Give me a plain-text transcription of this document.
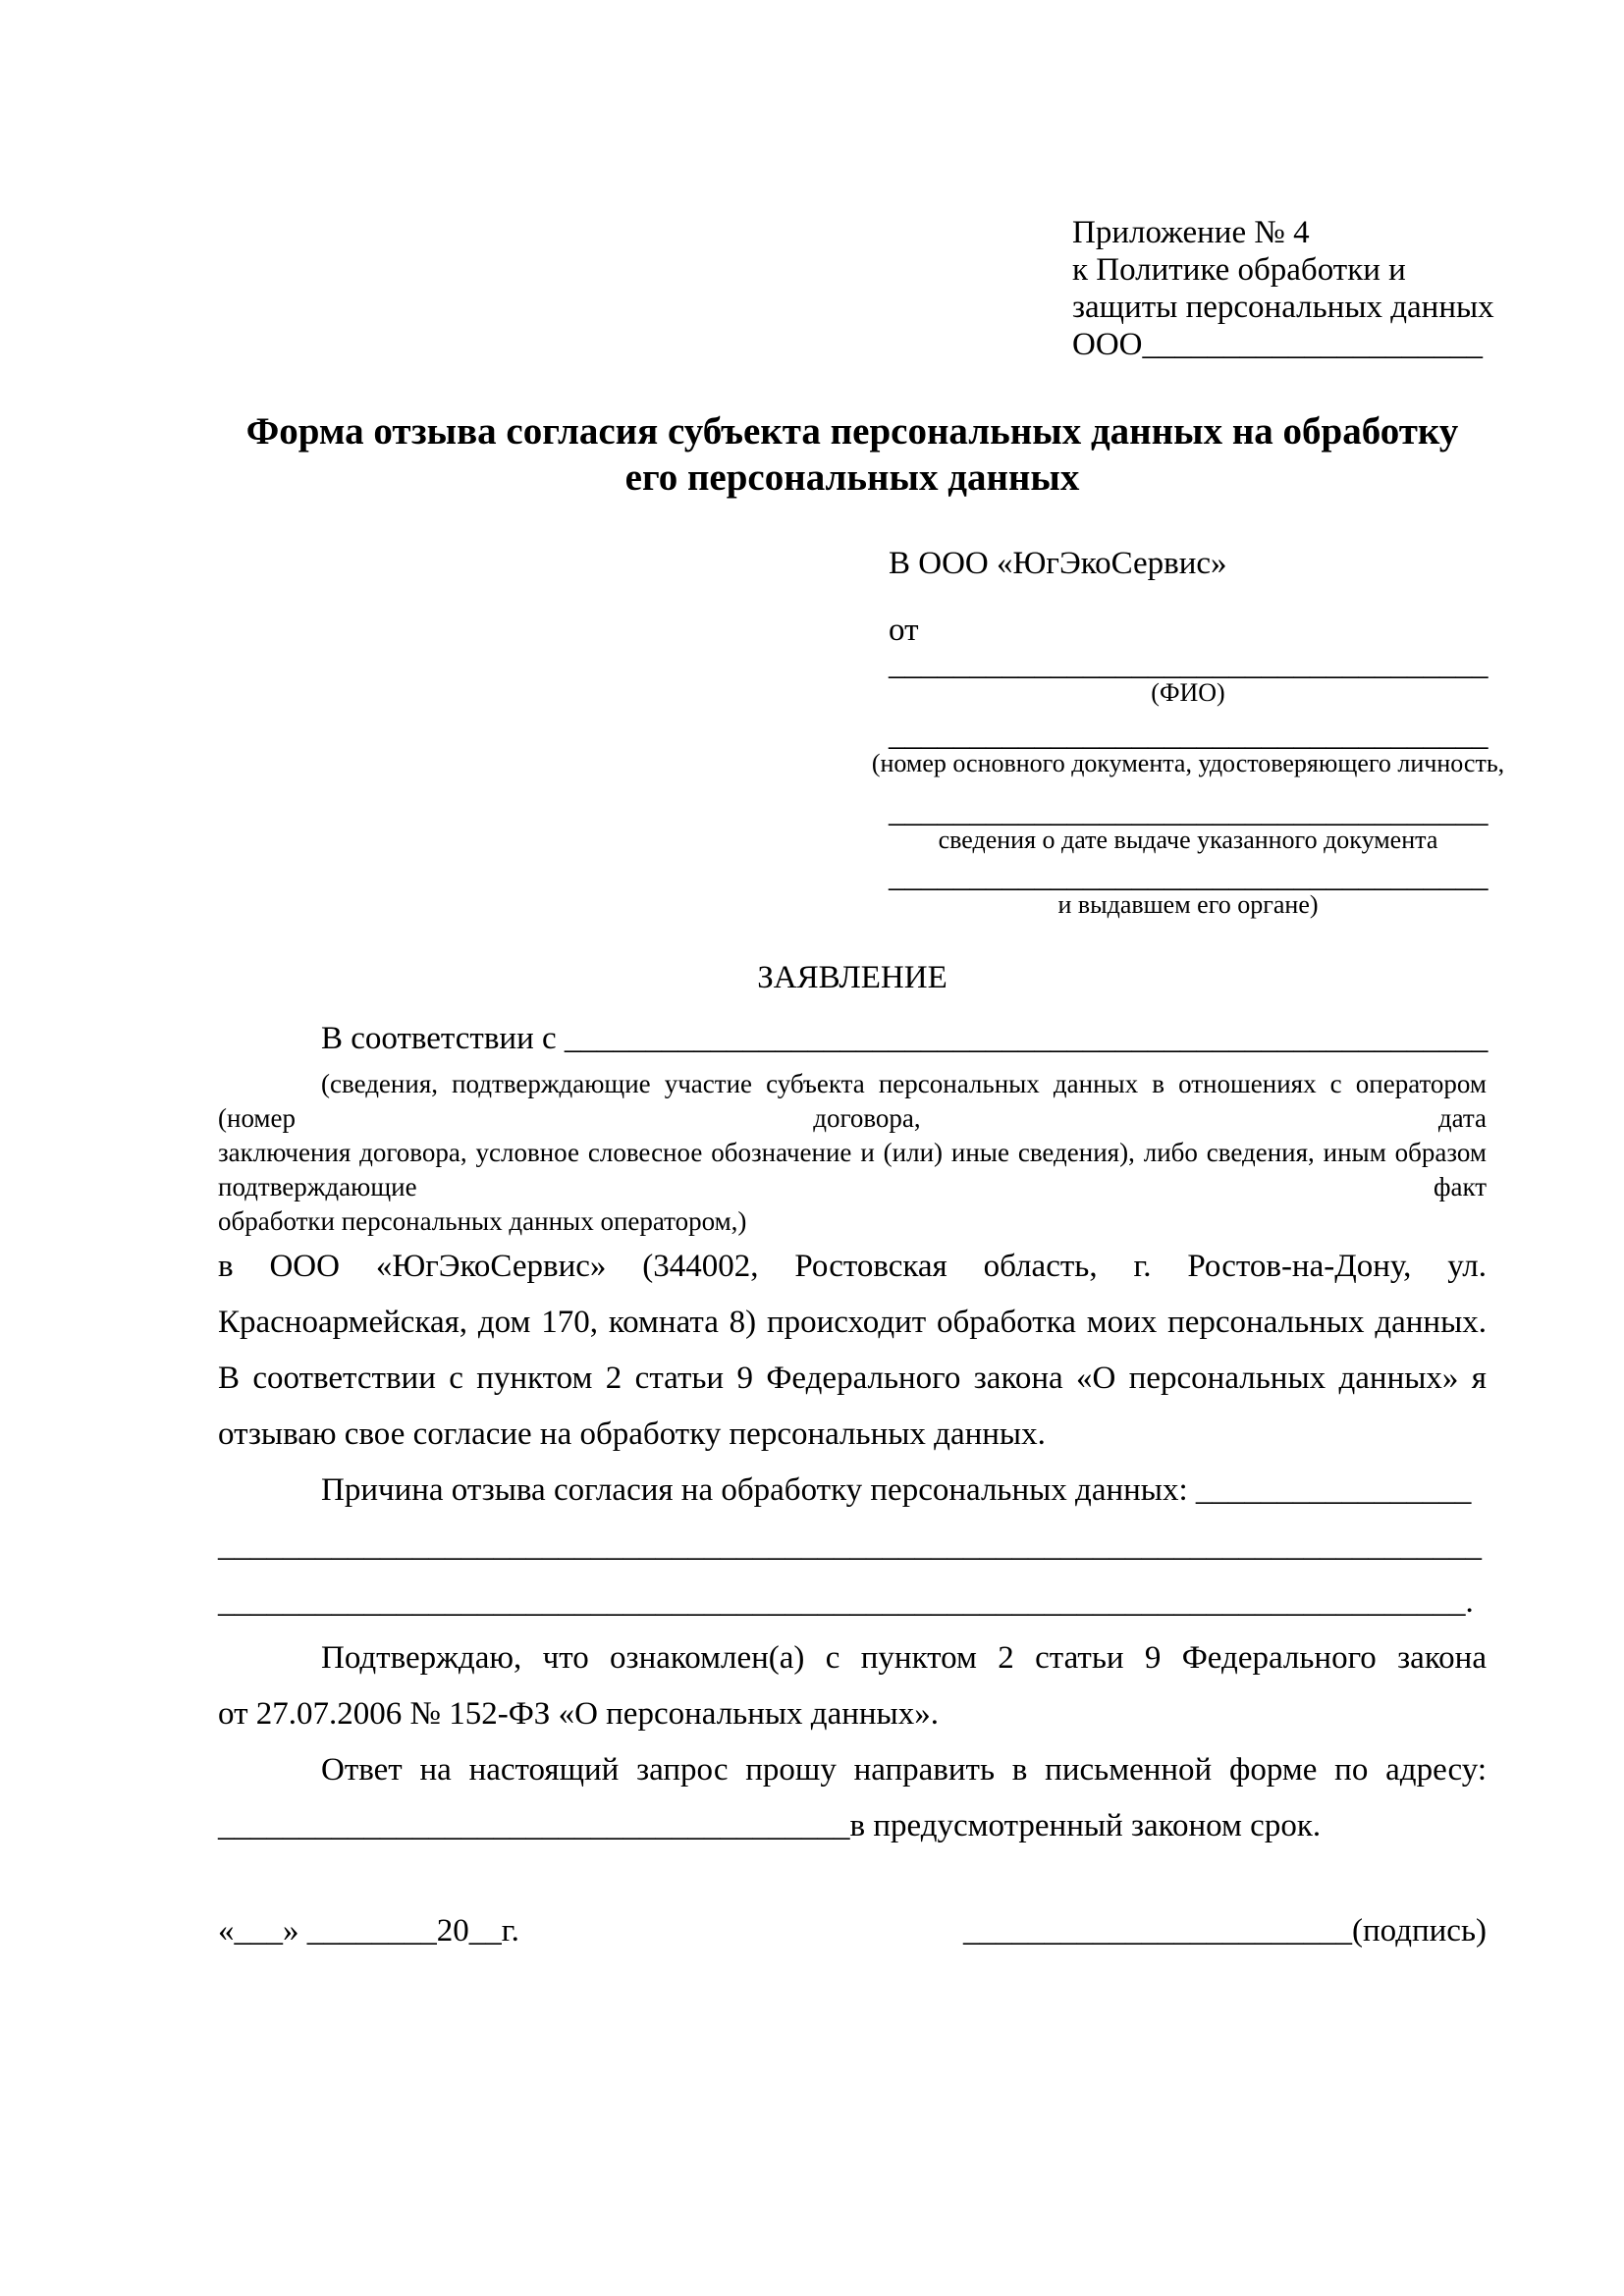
Приложение № 4
к Политике обработки и
защиты персональных данных
ООО_____________________
Форма отзыва согласия субъекта персональных данных на обработку
его персональных данных
В ООО «ЮгЭкоСервис»
от
_____________________________________
(ФИО)
_____________________________________
(номер основного документа, удостоверяющего личность,
_____________________________________
сведения о дате выдаче указанного документа
_____________________________________
и выдавшем его органе)
ЗАЯВЛЕНИЕ
В соответствии с _________________________________________________________
(сведения, подтверждающие участие субъекта персональных данных в отношениях с оператором (номер договора, дата
заключения договора, условное словесное обозначение и (или) иные сведения), либо сведения, иным образом подтверждающие факт
обработки персональных данных оператором,)
в ООО «ЮгЭкоСервис» (344002, Ростовская область, г. Ростов-на-Дону, ул.
Красноармейская, дом 170, комната 8) происходит обработка моих персональных данных.
В соответствии с пунктом 2 статьи 9 Федерального закона «О персональных данных» я
отзываю свое согласие на обработку персональных данных.
Причина отзыва согласия на обработку персональных данных: _________________
______________________________________________________________________________
_____________________________________________________________________________.
Подтверждаю, что ознакомлен(а) с пунктом 2 статьи 9 Федерального закона
от 27.07.2006 № 152-ФЗ «О персональных данных».
Ответ на настоящий запрос прошу направить в письменной форме по адресу:
_______________________________________в предусмотренный законом срок.
«___» ________20__г.	________________________(подпись)
